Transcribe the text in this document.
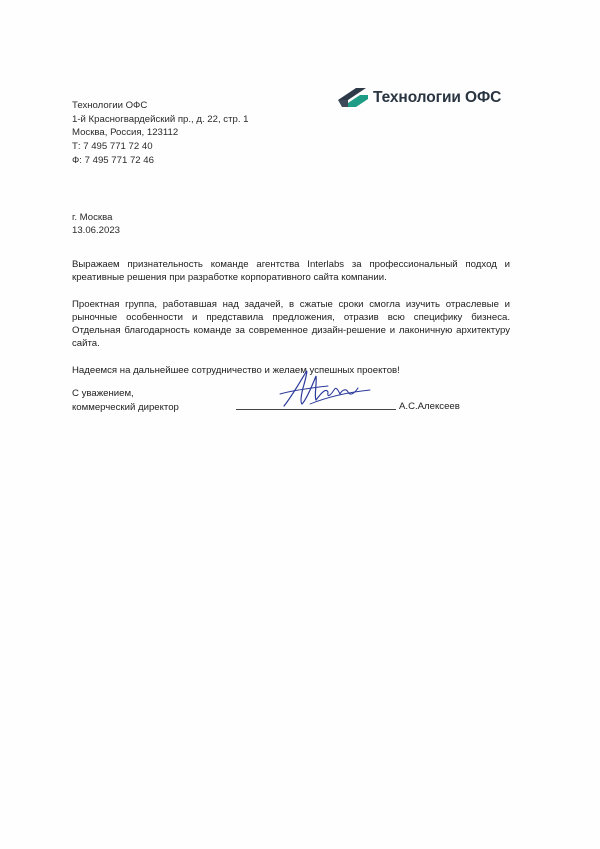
Технологии ОФС
1-й Красногвардейский пр., д. 22, стр. 1
Москва, Россия, 123112
Т: 7 495 771 72 40
Ф: 7 495 771 72 46
Технологии ОФС
г. Москва
13.06.2023

Выражаем признательность команде агентства Interlabs за профессиональный подход и креативные решения при разработке корпоративного сайта компании.

Проектная группа, работавшая над задачей, в сжатые сроки смогла изучить отраслевые и рыночные особенности и представила предложения, отразив всю специфику бизнеса. Отдельная благодарность команде за современное дизайн-решение и лаконичную архитектуру сайта.

Надеемся на дальнейшее сотрудничество и желаем успешных проектов!

С уважением,
коммерческий директор	А.С.Алексеев
